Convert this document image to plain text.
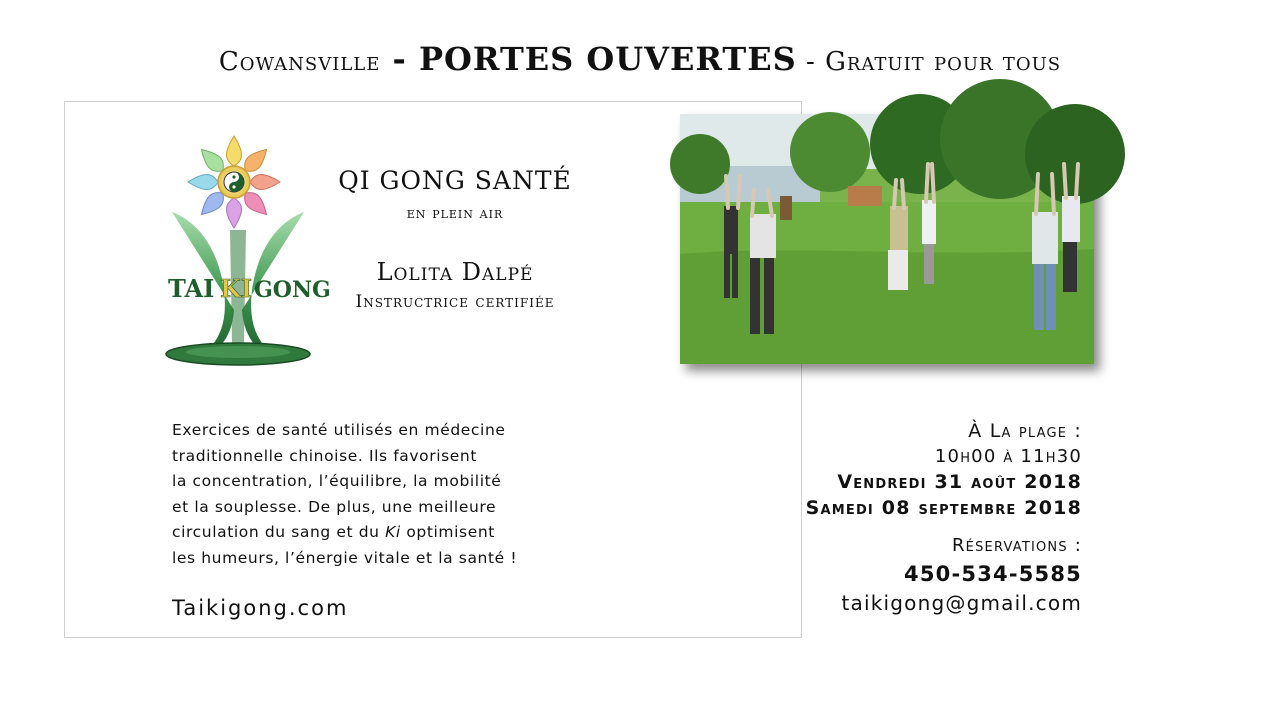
Cowansville - PORTES OUVERTES - Gratuit pour tous
TAI KI GONG
QI GONG SANTÉ
en plein air
Lolita Dalpé
Instructrice certifiée
Exercices de santé utilisés en médecine
traditionnelle chinoise. Ils favorisent
la concentration, l’équilibre, la mobilité
et la souplesse. De plus, une meilleure
circulation du sang et du Ki optimisent
les humeurs, l’énergie vitale et la santé !
Taikigong.com
À La plage :
10h00 à 11h30
Vendredi 31 août 2018
Samedi 08 septembre 2018
Réservations :
450-534-5585
taikigong@gmail.com
